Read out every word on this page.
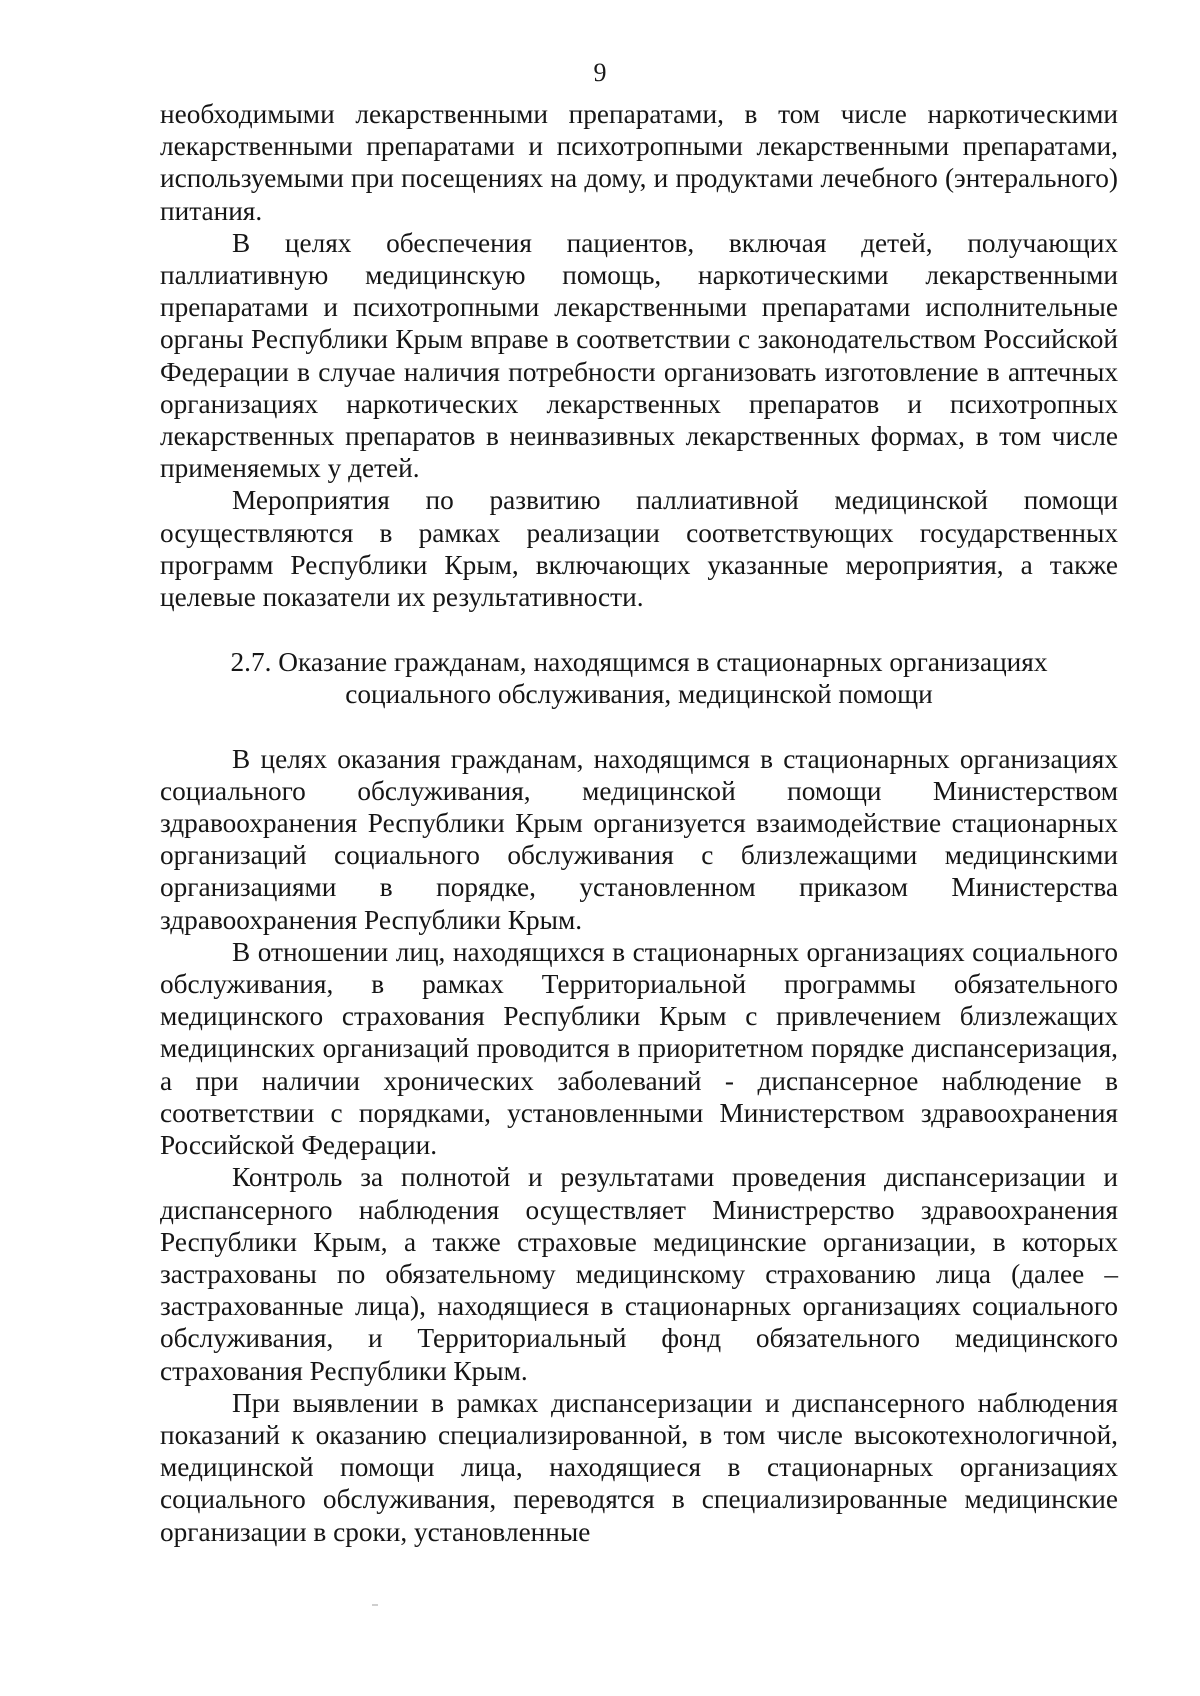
9

необходимыми лекарственными препаратами, в том числе наркотическими лекарственными препаратами и психотропными лекарственными препаратами, используемыми при посещениях на дому, и продуктами лечебного (энтерального) питания.

В целях обеспечения пациентов, включая детей, получающих паллиативную медицинскую помощь, наркотическими лекарственными препаратами и психотропными лекарственными препаратами исполнительные органы Республики Крым вправе в соответствии с законодательством Российской Федерации в случае наличия потребности организовать изготовление в аптечных организациях наркотических лекарственных препаратов и психотропных лекарственных препаратов в неинвазивных лекарственных формах, в том числе применяемых у детей.

Мероприятия по развитию паллиативной медицинской помощи осуществляются в рамках реализации соответствующих государственных программ Республики Крым, включающих указанные мероприятия, а также целевые показатели их результативности.

2.7. Оказание гражданам, находящимся в стационарных организациях
социального обслуживания, медицинской помощи

В целях оказания гражданам, находящимся в стационарных организациях социального обслуживания, медицинской помощи Министерством здравоохранения Республики Крым организуется взаимодействие стационарных организаций социального обслуживания с близлежащими медицинскими организациями в порядке, установленном приказом Министерства здравоохранения Республики Крым.

В отношении лиц, находящихся в стационарных организациях социального обслуживания, в рамках Территориальной программы обязательного медицинского страхования Республики Крым с привлечением близлежащих медицинских организаций проводится в приоритетном порядке диспансеризация, а при наличии хронических заболеваний - диспансерное наблюдение в соответствии с порядками, установленными Министерством здравоохранения Российской Федерации.

Контроль за полнотой и результатами проведения диспансеризации и диспансерного наблюдения осуществляет Министрерство здравоохранения Республики Крым, а также страховые медицинские организации, в которых застрахованы по обязательному медицинскому страхованию лица (далее – застрахованные лица), находящиеся в стационарных организациях социального обслуживания, и Территориальный фонд обязательного медицинского страхования Республики Крым.

При выявлении в рамках диспансеризации и диспансерного наблюдения показаний к оказанию специализированной, в том числе высокотехнологичной, медицинской помощи лица, находящиеся в стационарных организациях социального обслуживания, переводятся в специализированные медицинские организации в сроки, установленные
